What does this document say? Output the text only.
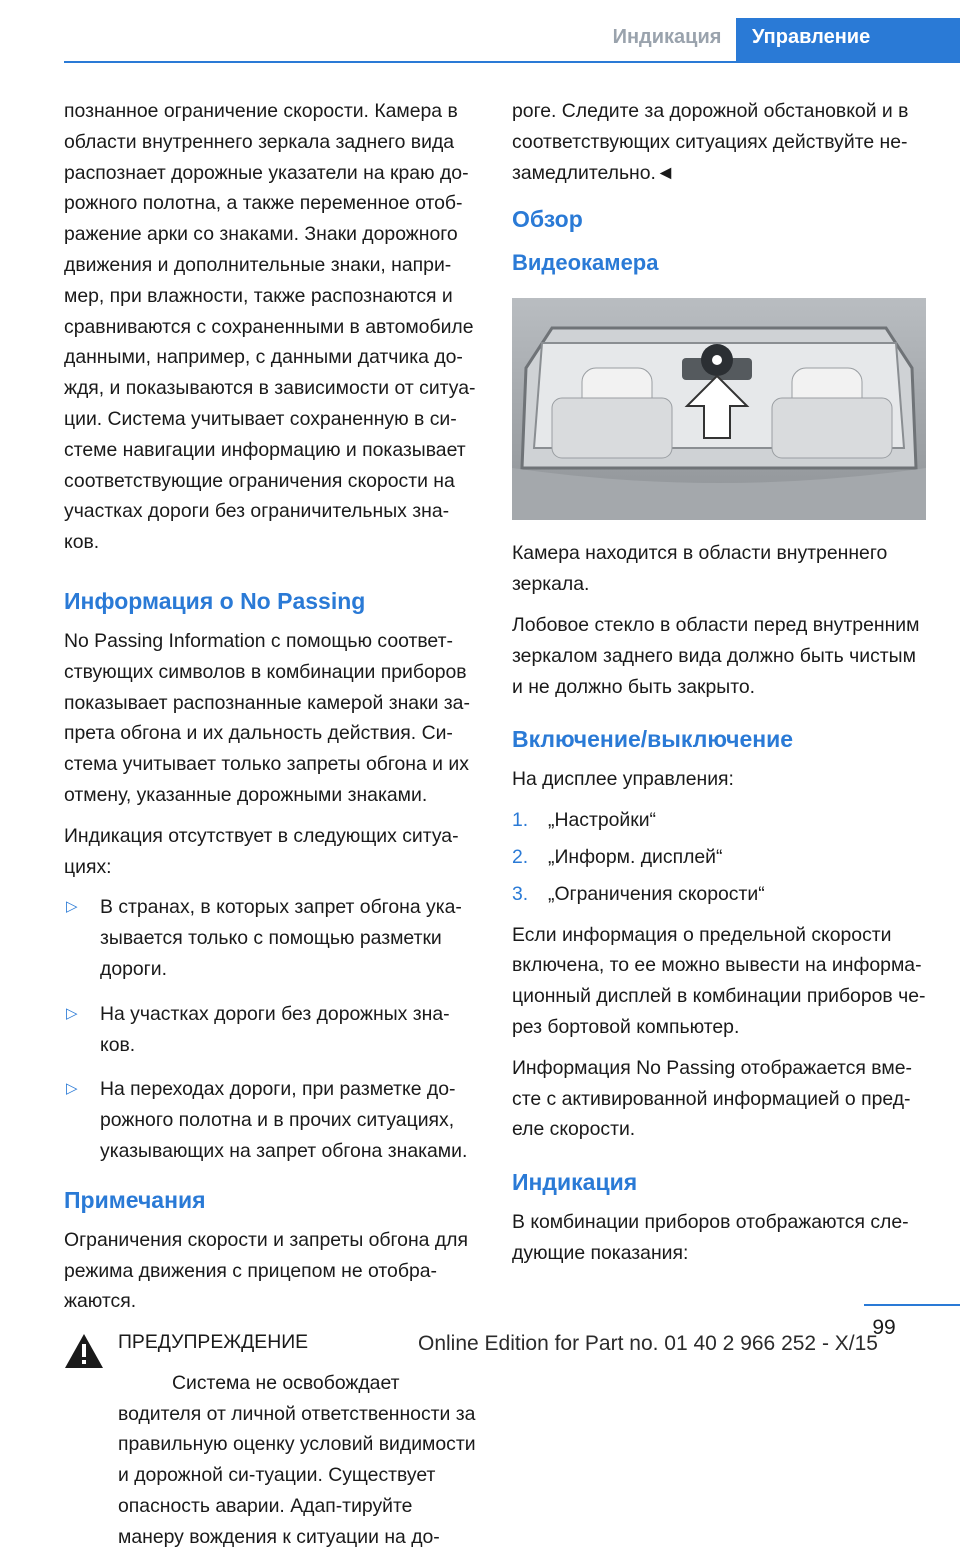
Индикация	Управление

познанное ограничение скорости. Камера в области внутреннего зеркала заднего вида распознает дорожные указатели на краю до-рожного полотна, а также переменное отоб-ражение арки со знаками. Знаки дорожного движения и дополнительные знаки, напри-мер, при влажности, также распознаются и сравниваются с сохраненными в автомобиле данными, например, с данными датчика до-ждя, и показываются в зависимости от ситуа-ции. Система учитывает сохраненную в си-стеме навигации информацию и показывает соответствующие ограничения скорости на участках дороги без ограничительных зна-ков.

Информация о No Passing

No Passing Information с помощью соответ-ствующих символов в комбинации приборов показывает распознанные камерой знаки за-прета обгона и их дальность действия. Си-стема учитывает только запреты обгона и их отмену, указанные дорожными знаками.

Индикация отсутствует в следующих ситуа-циях:

▷ В странах, в которых запрет обгона ука-зывается только с помощью разметки дороги.
▷ На участках дороги без дорожных зна-ков.
▷ На переходах дороги, при разметке до-рожного полотна и в прочих ситуациях, указывающих на запрет обгона знаками.
Примечания

Ограничения скорости и запреты обгона для режима движения с прицепом не отобра-жаются.

ПРЕДУПРЕЖДЕНИЕ

Система не освобождает водителя от личной ответственности за правильную оценку условий видимости и дорожной си-туации. Существует опасность аварии. Адап-тируйте манеру вождения к ситуации на до-

роге. Следите за дорожной обстановкой и в соответствующих ситуациях действуйте не-замедлительно.◄

Обзор
Видеокамера

Камера находится в области внутреннего зеркала.

Лобовое стекло в области перед внутренним зеркалом заднего вида должно быть чистым и не должно быть закрыто.

Включение/выключение

На дисплее управления:

1. „Настройки“
2. „Информ. дисплей“
3. „Ограничения скорости“

Если информация о предельной скорости включена, то ее можно вывести на информа-ционный дисплей в комбинации приборов че-рез бортовой компьютер.

Информация No Passing отображается вме-сте с активированной информацией о пред-еле скорости.

Индикация

В комбинации приборов отображаются сле-дующие показания:

99
Online Edition for Part no. 01 40 2 966 252 - X/15
